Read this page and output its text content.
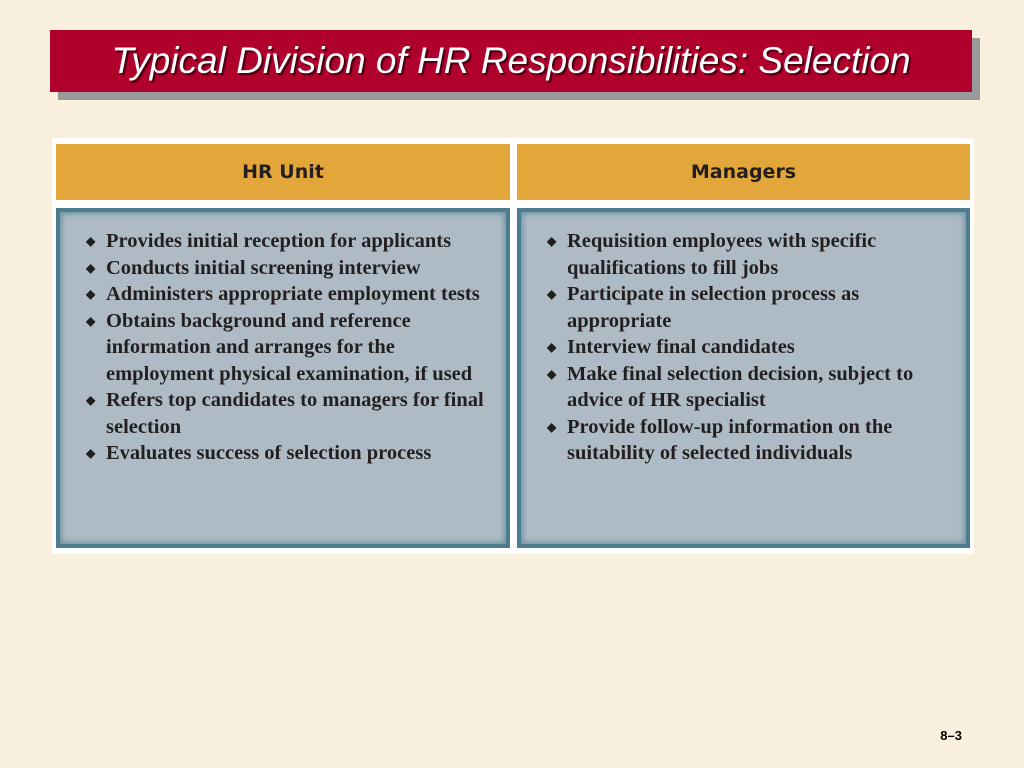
Typical Division of HR Responsibilities: Selection
HR Unit	Managers
◆ Provides initial reception for applicants
◆ Conducts initial screening interview
◆ Administers appropriate employment tests
◆ Obtains background and reference information and arranges for the employment physical examination, if used
◆ Refers top candidates to managers for final selection
◆ Evaluates success of selection process
◆ Requisition employees with specific qualifications to fill jobs
◆ Participate in selection process as appropriate
◆ Interview final candidates
◆ Make final selection decision, subject to advice of HR specialist
◆ Provide follow-up information on the suitability of selected individuals
8–3
